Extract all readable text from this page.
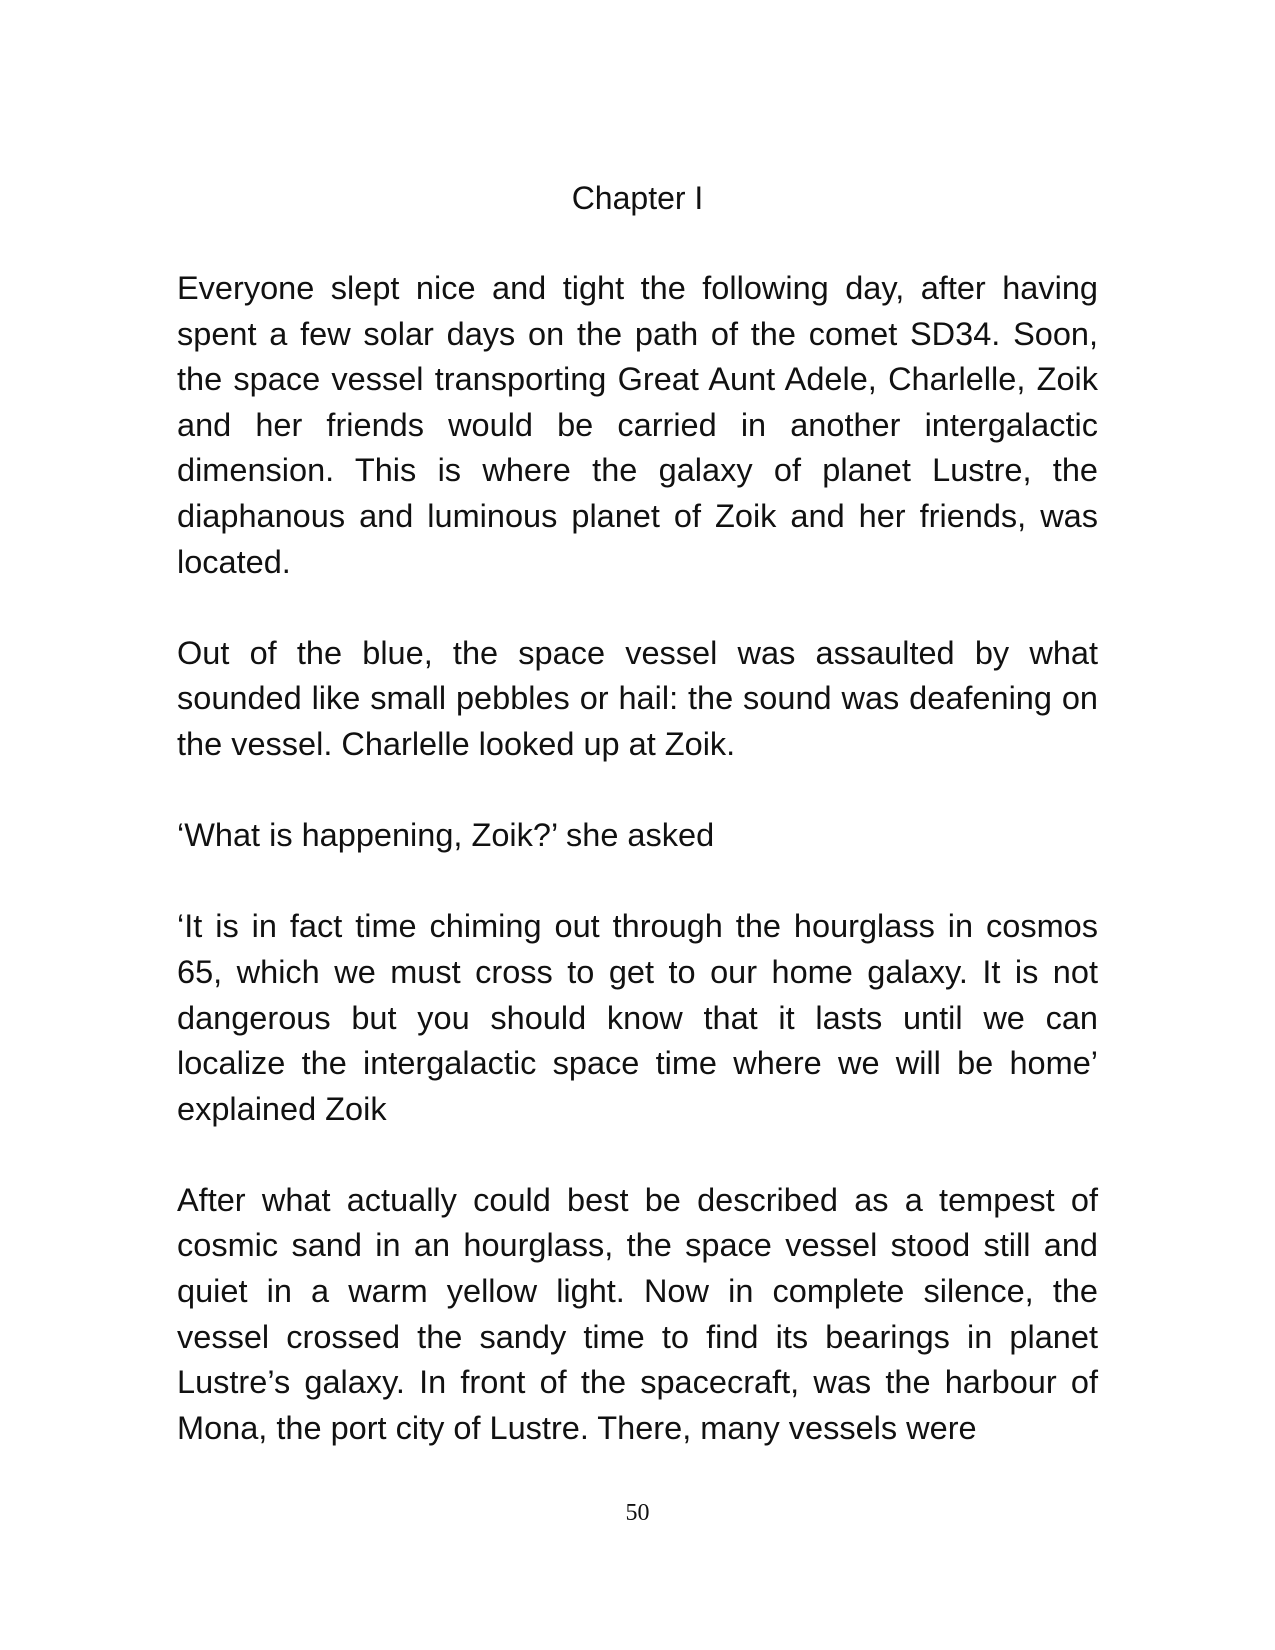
Chapter I

Everyone slept nice and tight the following day, after having spent a few solar days on the path of the comet SD34. Soon, the space vessel transporting Great Aunt Adele, Charlelle, Zoik and her friends would be carried in another intergalactic dimension. This is where the galaxy of planet Lustre, the diaphanous and luminous planet of Zoik and her friends, was located.

Out of the blue, the space vessel was assaulted by what sounded like small pebbles or hail: the sound was deafening on the vessel. Charlelle looked up at Zoik.

‘What is happening, Zoik?’ she asked

‘It is in fact time chiming out through the hourglass in cosmos 65, which we must cross to get to our home galaxy. It is not dangerous but you should know that it lasts until we can localize the intergalactic space time where we will be home’ explained Zoik

After what actually could best be described as a tempest of cosmic sand in an hourglass, the space vessel stood still and quiet in a warm yellow light. Now in complete silence, the vessel crossed the sandy time to find its bearings in planet Lustre’s galaxy. In front of the spacecraft, was the harbour of Mona, the port city of Lustre. There, many vessels were

50
